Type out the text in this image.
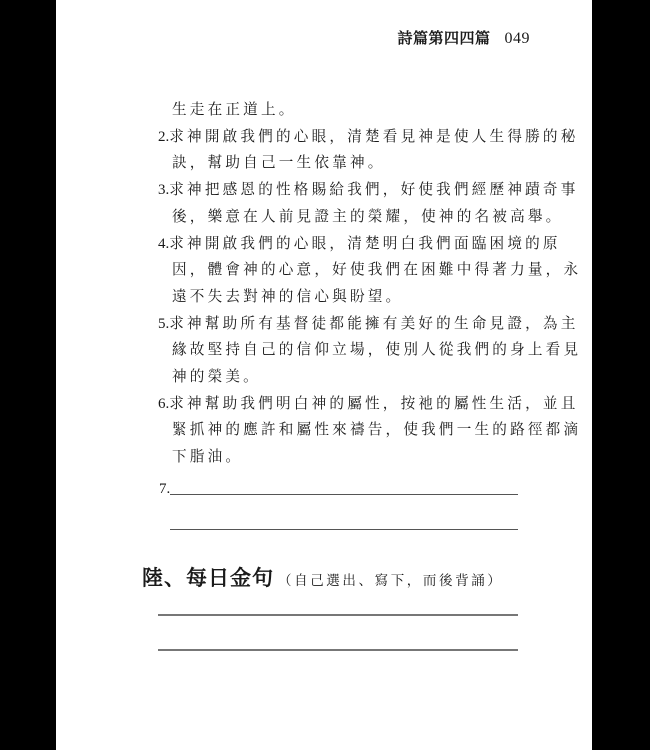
詩篇第四四篇 049
生走在正道上。
2.求神開啟我們的心眼，清楚看見神是使人生得勝的秘
訣，幫助自己一生依靠神。
3.求神把感恩的性格賜給我們，好使我們經歷神蹟奇事
後，樂意在人前見證主的榮耀，使神的名被高舉。
4.求神開啟我們的心眼，清楚明白我們面臨困境的原
因，體會神的心意，好使我們在困難中得著力量，永
遠不失去對神的信心與盼望。
5.求神幫助所有基督徒都能擁有美好的生命見證，為主
緣故堅持自己的信仰立場，使別人從我們的身上看見
神的榮美。
6.求神幫助我們明白神的屬性，按祂的屬性生活，並且
緊抓神的應許和屬性來禱告，使我們一生的路徑都滴
下脂油。
7.
陸、每日金句 （自己選出、寫下，而後背誦）
